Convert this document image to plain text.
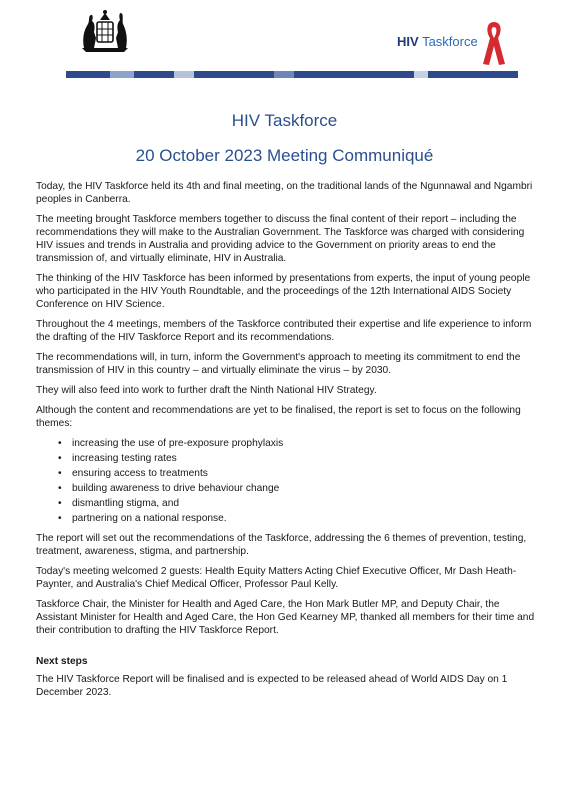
HIV Taskforce
HIV Taskforce
20 October 2023 Meeting Communiqué

Today, the HIV Taskforce held its 4th and final meeting, on the traditional lands of the Ngunnawal and Ngambri peoples in Canberra.

The meeting brought Taskforce members together to discuss the final content of their report – including the recommendations they will make to the Australian Government. The Taskforce was charged with considering HIV issues and trends in Australia and providing advice to the Government on priority areas to end the transmission of, and virtually eliminate, HIV in Australia.

The thinking of the HIV Taskforce has been informed by presentations from experts, the input of young people who participated in the HIV Youth Roundtable, and the proceedings of the 12th International AIDS Society Conference on HIV Science.

Throughout the 4 meetings, members of the Taskforce contributed their expertise and life experience to inform the drafting of the HIV Taskforce Report and its recommendations.

The recommendations will, in turn, inform the Government's approach to meeting its commitment to end the transmission of HIV in this country – and virtually eliminate the virus – by 2030.

They will also feed into work to further draft the Ninth National HIV Strategy.

Although the content and recommendations are yet to be finalised, the report is set to focus on the following themes:

• increasing the use of pre-exposure prophylaxis
• increasing testing rates
• ensuring access to treatments
• building awareness to drive behaviour change
• dismantling stigma, and
• partnering on a national response.

The report will set out the recommendations of the Taskforce, addressing the 6 themes of prevention, testing, treatment, awareness, stigma, and partnership.

Today's meeting welcomed 2 guests: Health Equity Matters Acting Chief Executive Officer, Mr Dash Heath-Paynter, and Australia's Chief Medical Officer, Professor Paul Kelly.

Taskforce Chair, the Minister for Health and Aged Care, the Hon Mark Butler MP, and Deputy Chair, the Assistant Minister for Health and Aged Care, the Hon Ged Kearney MP, thanked all members for their time and their contribution to drafting the HIV Taskforce Report.

Next steps

The HIV Taskforce Report will be finalised and is expected to be released ahead of World AIDS Day on 1 December 2023.
